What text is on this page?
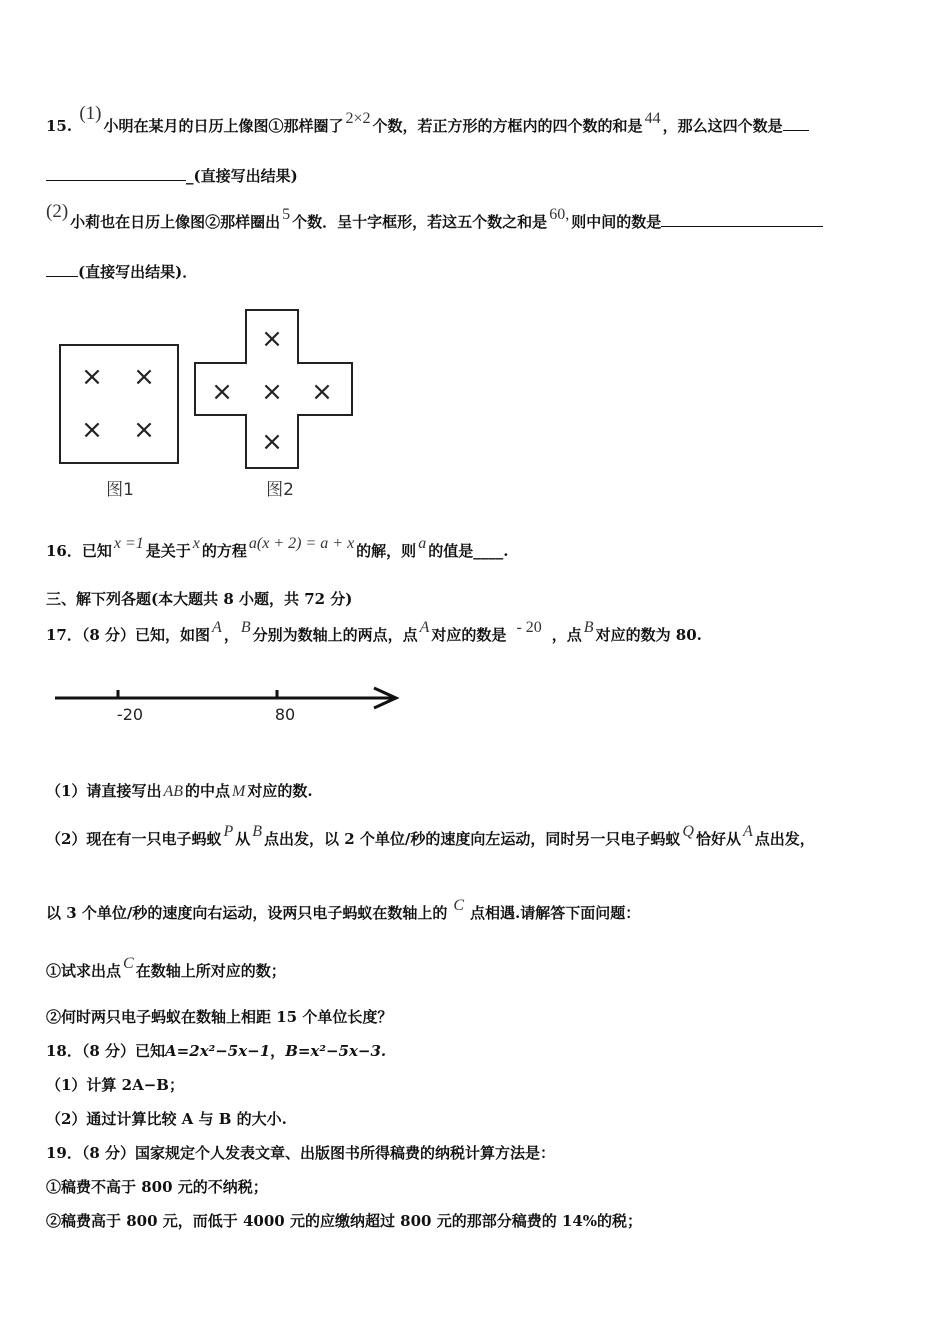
15. (1)小明在某月的日历上像图①那样圈了 2×2 个数，若正方形的方框内的四个数的和是 44 ，那么这四个数是
_(直接写出结果)
(2) 小莉也在日历上像图②那样圈出 5 个数．呈十字框形，若这五个数之和是 60, 则中间的数是
(直接写出结果)．
× ×
× ×
图1
×
× × ×
×
图2
16．已知 x =1 是关于 x 的方程 a(x + 2) = a + x 的解，则 a 的值是____.
三、解下列各题(本大题共 8 小题，共 72 分)
17．（8 分）已知，如图 A ， B 分别为数轴上的两点，点 A 对应的数是 - 20 ，点 B 对应的数为 80.
-20	80
（1）请直接写出 AB 的中点 M 对应的数.
（2）现在有一只电子蚂蚁 P 从 B 点出发，以 2 个单位/秒的速度向左运动，同时另一只电子蚂蚁 Q 恰好从 A 点出发，
以 3 个单位/秒的速度向右运动，设两只电子蚂蚁在数轴上的 C 点相遇.请解答下面问题：
①试求出点 C 在数轴上所对应的数；
②何时两只电子蚂蚁在数轴上相距 15 个单位长度？
18．（8 分）已知A=2x²−5x−1，B=x²−5x−3.
（1）计算 2A−B；
（2）通过计算比较 A 与 B 的大小.
19．（8 分）国家规定个人发表文章、出版图书所得稿费的纳税计算方法是：
①稿费不高于 800 元的不纳税；
②稿费高于 800 元，而低于 4000 元的应缴纳超过 800 元的那部分稿费的 14%的税；
